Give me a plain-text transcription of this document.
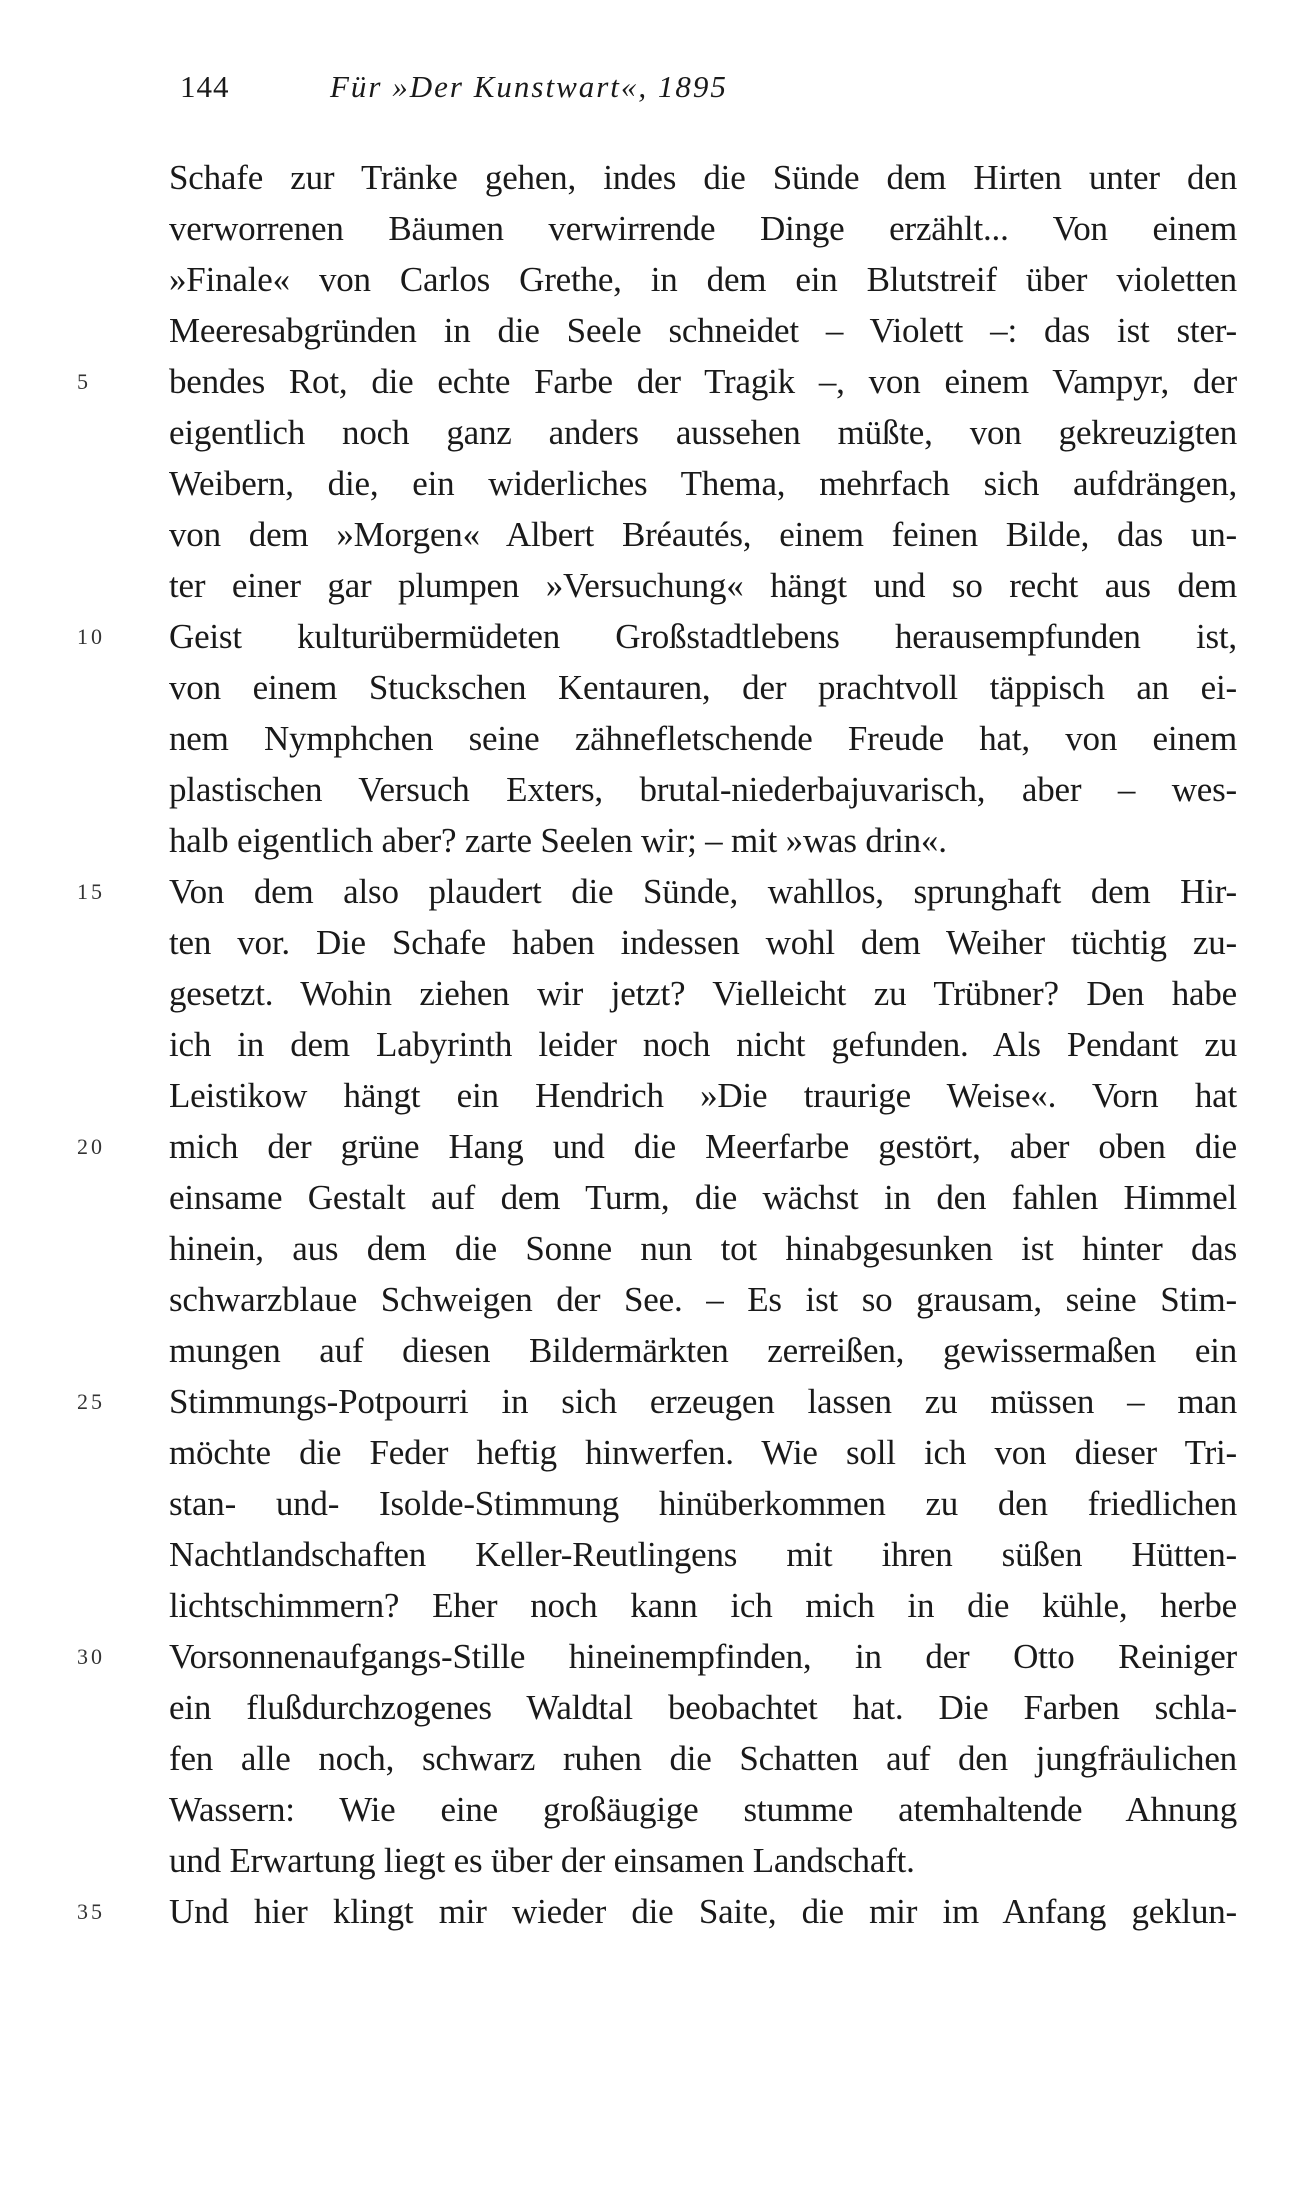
144	Für »Der Kunstwart«, 1895
Schafe zur Tränke gehen, indes die Sünde dem Hirten unter den
verworrenen Bäumen verwirrende Dinge erzählt... Von einem
»Finale« von Carlos Grethe, in dem ein Blutstreif über violetten
Meeresabgründen in die Seele schneidet – Violett –: das ist ster-
5	bendes Rot, die echte Farbe der Tragik –, von einem Vampyr, der
eigentlich noch ganz anders aussehen müßte, von gekreuzigten
Weibern, die, ein widerliches Thema, mehrfach sich aufdrängen,
von dem »Morgen« Albert Bréautés, einem feinen Bilde, das un-
ter einer gar plumpen »Versuchung« hängt und so recht aus dem
10 Geist kulturübermüdeten Großstadtlebens herausempfunden ist,
von einem Stuckschen Kentauren, der prachtvoll täppisch an ei-
nem Nymphchen seine zähnefletschende Freude hat, von einem
plastischen Versuch Exters, brutal-niederbajuvarisch, aber – wes-
halb eigentlich aber? zarte Seelen wir; – mit »was drin«.
15 Von dem also plaudert die Sünde, wahllos, sprunghaft dem Hir-
ten vor. Die Schafe haben indessen wohl dem Weiher tüchtig zu-
gesetzt. Wohin ziehen wir jetzt? Vielleicht zu Trübner? Den habe
ich in dem Labyrinth leider noch nicht gefunden. Als Pendant zu
Leistikow hängt ein Hendrich »Die traurige Weise«. Vorn hat
20 mich der grüne Hang und die Meerfarbe gestört, aber oben die
einsame Gestalt auf dem Turm, die wächst in den fahlen Himmel
hinein, aus dem die Sonne nun tot hinabgesunken ist hinter das
schwarzblaue Schweigen der See. – Es ist so grausam, seine Stim-
mungen auf diesen Bildermärkten zerreißen, gewissermaßen ein
25 Stimmungs-Potpourri in sich erzeugen lassen zu müssen – man
möchte die Feder heftig hinwerfen. Wie soll ich von dieser Tri-
stan- und- Isolde-Stimmung hinüberkommen zu den friedlichen
Nachtlandschaften Keller-Reutlingens mit ihren süßen Hütten-
lichtschimmern? Eher noch kann ich mich in die kühle, herbe
30 Vorsonnenaufgangs-Stille hineinempfinden, in der Otto Reiniger
ein flußdurchzogenes Waldtal beobachtet hat. Die Farben schla-
fen alle noch, schwarz ruhen die Schatten auf den jungfräulichen
Wassern: Wie eine großäugige stumme atemhaltende Ahnung
und Erwartung liegt es über der einsamen Landschaft.
35 Und hier klingt mir wieder die Saite, die mir im Anfang geklun-
